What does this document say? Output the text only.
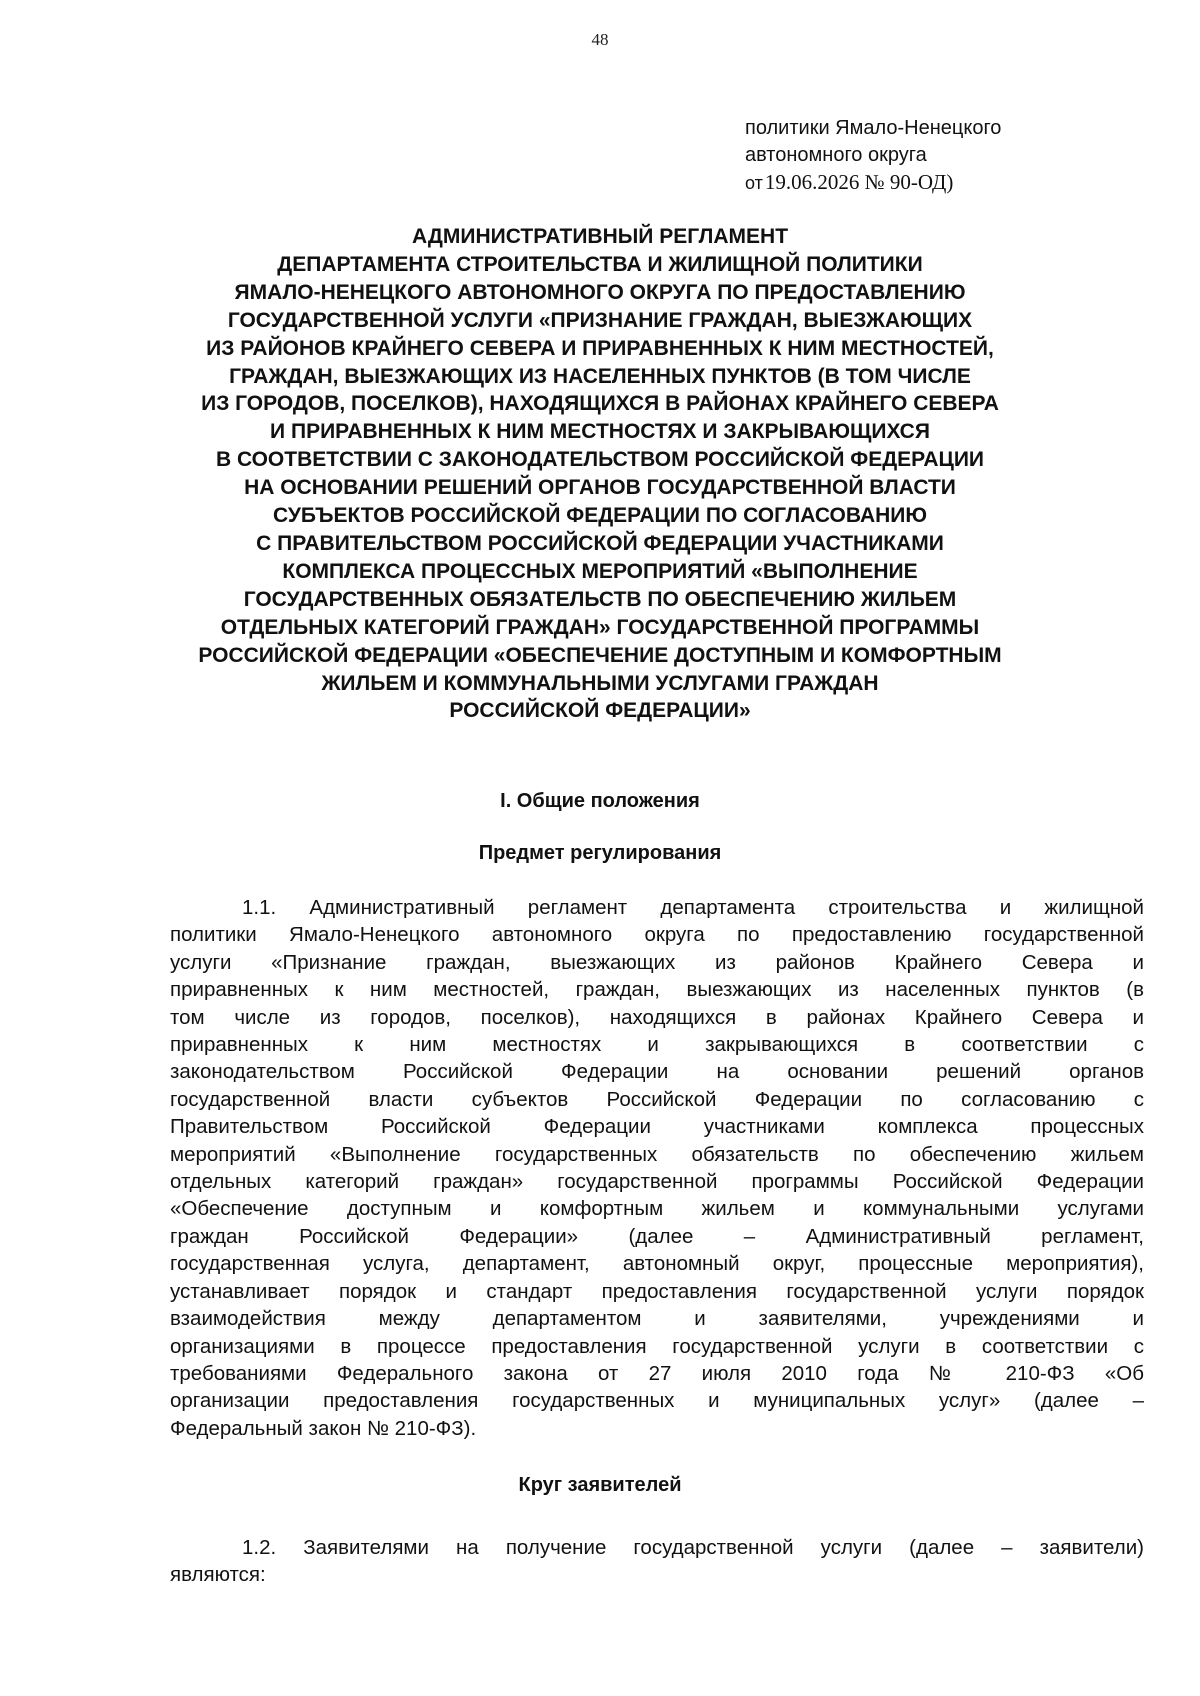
48
политики Ямало-Ненецкого
автономного округа
от19.06.2026 № 90-ОД)
АДМИНИСТРАТИВНЫЙ РЕГЛАМЕНТ
ДЕПАРТАМЕНТА СТРОИТЕЛЬСТВА И ЖИЛИЩНОЙ ПОЛИТИКИ
ЯМАЛО-НЕНЕЦКОГО АВТОНОМНОГО ОКРУГА ПО ПРЕДОСТАВЛЕНИЮ
ГОСУДАРСТВЕННОЙ УСЛУГИ «ПРИЗНАНИЕ ГРАЖДАН, ВЫЕЗЖАЮЩИХ
ИЗ РАЙОНОВ КРАЙНЕГО СЕВЕРА И ПРИРАВНЕННЫХ К НИМ МЕСТНОСТЕЙ,
ГРАЖДАН, ВЫЕЗЖАЮЩИХ ИЗ НАСЕЛЕННЫХ ПУНКТОВ (В ТОМ ЧИСЛЕ
ИЗ ГОРОДОВ, ПОСЕЛКОВ), НАХОДЯЩИХСЯ В РАЙОНАХ КРАЙНЕГО СЕВЕРА
И ПРИРАВНЕННЫХ К НИМ МЕСТНОСТЯХ И ЗАКРЫВАЮЩИХСЯ
В СООТВЕТСТВИИ С ЗАКОНОДАТЕЛЬСТВОМ РОССИЙСКОЙ ФЕДЕРАЦИИ
НА ОСНОВАНИИ РЕШЕНИЙ ОРГАНОВ ГОСУДАРСТВЕННОЙ ВЛАСТИ
СУБЪЕКТОВ РОССИЙСКОЙ ФЕДЕРАЦИИ ПО СОГЛАСОВАНИЮ
С ПРАВИТЕЛЬСТВОМ РОССИЙСКОЙ ФЕДЕРАЦИИ УЧАСТНИКАМИ
КОМПЛЕКСА ПРОЦЕССНЫХ МЕРОПРИЯТИЙ «ВЫПОЛНЕНИЕ
ГОСУДАРСТВЕННЫХ ОБЯЗАТЕЛЬСТВ ПО ОБЕСПЕЧЕНИЮ ЖИЛЬЕМ
ОТДЕЛЬНЫХ КАТЕГОРИЙ ГРАЖДАН» ГОСУДАРСТВЕННОЙ ПРОГРАММЫ
РОССИЙСКОЙ ФЕДЕРАЦИИ «ОБЕСПЕЧЕНИЕ ДОСТУПНЫМ И КОМФОРТНЫМ
ЖИЛЬЕМ И КОММУНАЛЬНЫМИ УСЛУГАМИ ГРАЖДАН
РОССИЙСКОЙ ФЕДЕРАЦИИ»
I. Общие положения
Предмет регулирования
1.1. Административный регламент департамента строительства и жилищной
политики Ямало-Ненецкого автономного округа по предоставлению государственной
услуги «Признание граждан, выезжающих из районов Крайнего Севера и
приравненных к ним местностей, граждан, выезжающих из населенных пунктов (в
том числе из городов, поселков), находящихся в районах Крайнего Севера и
приравненных к ним местностях и закрывающихся в соответствии с
законодательством Российской Федерации на основании решений органов
государственной власти субъектов Российской Федерации по согласованию с
Правительством Российской Федерации участниками комплекса процессных
мероприятий «Выполнение государственных обязательств по обеспечению жильем
отдельных категорий граждан» государственной программы Российской Федерации
«Обеспечение доступным и комфортным жильем и коммунальными услугами
граждан Российской Федерации» (далее – Административный регламент,
государственная услуга, департамент, автономный округ, процессные мероприятия),
устанавливает порядок и стандарт предоставления государственной услуги порядок
взаимодействия между департаментом и заявителями, учреждениями и
организациями в процессе предоставления государственной услуги в соответствии с
требованиями Федерального закона от 27 июля 2010 года № 210-ФЗ «Об
организации предоставления государственных и муниципальных услуг» (далее –
Федеральный закон № 210-ФЗ).
Круг заявителей
1.2. Заявителями на получение государственной услуги (далее – заявители)
являются:
